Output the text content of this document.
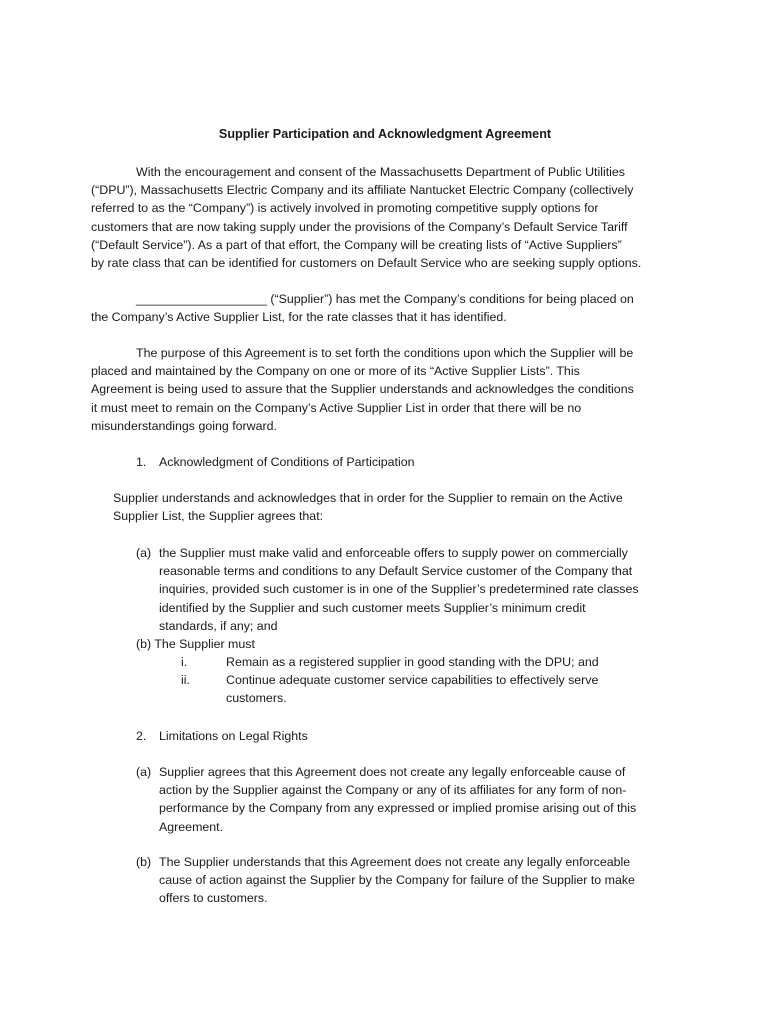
Supplier Participation and Acknowledgment Agreement
With the encouragement and consent of the Massachusetts Department of Public Utilities
(“DPU”), Massachusetts Electric Company and its affiliate Nantucket Electric Company (collectively
referred to as the “Company”) is actively involved in promoting competitive supply options for
customers that are now taking supply under the provisions of the Company’s Default Service Tariff
(“Default Service”). As a part of that effort, the Company will be creating lists of “Active Suppliers”
by rate class that can be identified for customers on Default Service who are seeking supply options.
___________________ (“Supplier”) has met the Company’s conditions for being placed on
the Company’s Active Supplier List, for the rate classes that it has identified.
The purpose of this Agreement is to set forth the conditions upon which the Supplier will be
placed and maintained by the Company on one or more of its “Active Supplier Lists”. This
Agreement is being used to assure that the Supplier understands and acknowledges the conditions
it must meet to remain on the Company’s Active Supplier List in order that there will be no
misunderstandings going forward.
1. Acknowledgment of Conditions of Participation
Supplier understands and acknowledges that in order for the Supplier to remain on the Active
Supplier List, the Supplier agrees that:
(a) the Supplier must make valid and enforceable offers to supply power on commercially
reasonable terms and conditions to any Default Service customer of the Company that
inquiries, provided such customer is in one of the Supplier’s predetermined rate classes
identified by the Supplier and such customer meets Supplier’s minimum credit
standards, if any; and
(b) The Supplier must
i.	Remain as a registered supplier in good standing with the DPU; and
ii.	Continue adequate customer service capabilities to effectively serve
customers.
2. Limitations on Legal Rights
(a) Supplier agrees that this Agreement does not create any legally enforceable cause of
action by the Supplier against the Company or any of its affiliates for any form of non-
performance by the Company from any expressed or implied promise arising out of this
Agreement.
(b) The Supplier understands that this Agreement does not create any legally enforceable
cause of action against the Supplier by the Company for failure of the Supplier to make
offers to customers.
